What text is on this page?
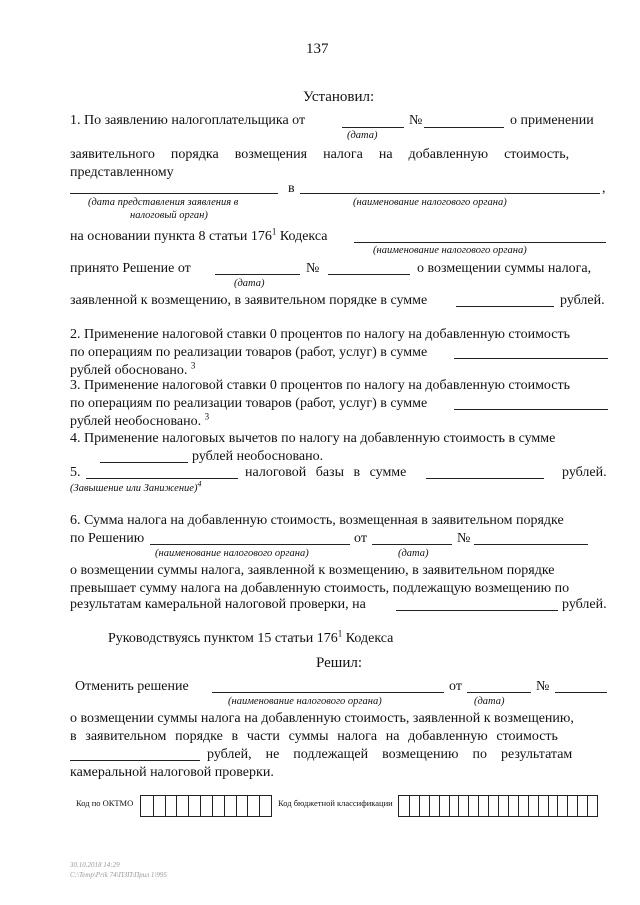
137
Установил:
1. По заявлению налогоплательщика от	№	о применении
(дата)
заявительного порядка возмещения налога на добавленную стоимость,
представленному
в	,
(дата представления заявления в
налоговый орган)
(наименование налогового органа)
на основании пункта 8 статьи $176^1$ Кодекса
(наименование налогового органа)
принято Решение от	№	о возмещении суммы налога,
(дата)
заявленной к возмещению, в заявительном порядке в сумме	рублей.
2. Применение налоговой ставки 0 процентов по налогу на добавленную стоимость
по операциям по реализации товаров (работ, услуг) в сумме
рублей обосновано. $^3$
3. Применение налоговой ставки 0 процентов по налогу на добавленную стоимость
по операциям по реализации товаров (работ, услуг) в сумме
рублей необосновано. $^3$
4. Применение налоговых вычетов по налогу на добавленную стоимость в сумме
рублей необосновано.
5.	налоговой базы в сумме	рублей.
(Завышение или Занижение)$^4$
6. Сумма налога на добавленную стоимость, возмещенная в заявительном порядке
по Решению	от	№
(наименование налогового органа)	(дата)
о возмещении суммы налога, заявленной к возмещению, в заявительном порядке
превышает сумму налога на добавленную стоимость, подлежащую возмещению по
результатам камеральной налоговой проверки, на	рублей.
Руководствуясь пунктом 15 статьи $176^1$ Кодекса
Решил:
Отменить решение	от	№
(наименование налогового органа)	(дата)
о возмещении суммы налога на добавленную стоимость, заявленной к возмещению,
в заявительном порядке в части суммы налога на добавленную стоимость
рублей, не подлежащей возмещению по результатам
камеральной налоговой проверки.
Код по ОКТМО	Код бюджетной классификации
30.10.2018 14:29
C:\Temp\Prik 74\ПЗП\Прил 1\995
